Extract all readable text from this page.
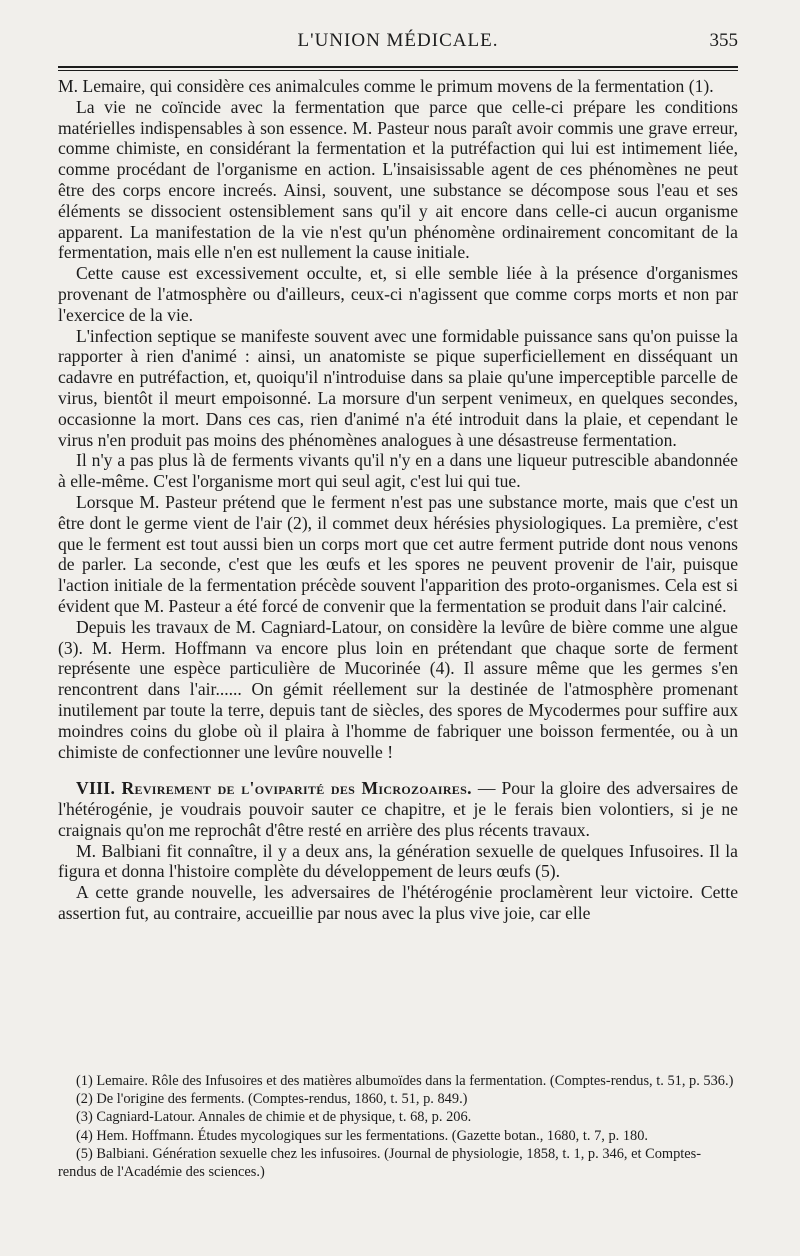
L'UNION MÉDICALE.	355

M. Lemaire, qui considère ces animalcules comme le primum movens de la fermentation (1).

La vie ne coïncide avec la fermentation que parce que celle-ci prépare les conditions matérielles indispensables à son essence. M. Pasteur nous paraît avoir commis une grave erreur, comme chimiste, en considérant la fermentation et la putréfaction qui lui est intimement liée, comme procédant de l'organisme en action. L'insaisissable agent de ces phénomènes ne peut être des corps encore increés. Ainsi, souvent, une substance se décompose sous l'eau et ses éléments se dissocient ostensiblement sans qu'il y ait encore dans celle-ci aucun organisme apparent. La manifestation de la vie n'est qu'un phénomène ordinairement concomitant de la fermentation, mais elle n'en est nullement la cause initiale.

Cette cause est excessivement occulte, et, si elle semble liée à la présence d'organismes provenant de l'atmosphère ou d'ailleurs, ceux-ci n'agissent que comme corps morts et non par l'exercice de la vie.

L'infection septique se manifeste souvent avec une formidable puissance sans qu'on puisse la rapporter à rien d'animé : ainsi, un anatomiste se pique superficiellement en disséquant un cadavre en putréfaction, et, quoiqu'il n'introduise dans sa plaie qu'une imperceptible parcelle de virus, bientôt il meurt empoisonné. La morsure d'un serpent venimeux, en quelques secondes, occasionne la mort. Dans ces cas, rien d'animé n'a été introduit dans la plaie, et cependant le virus n'en produit pas moins des phénomènes analogues à une désastreuse fermentation.

Il n'y a pas plus là de ferments vivants qu'il n'y en a dans une liqueur putrescible abandonnée à elle-même. C'est l'organisme mort qui seul agit, c'est lui qui tue.

Lorsque M. Pasteur prétend que le ferment n'est pas une substance morte, mais que c'est un être dont le germe vient de l'air (2), il commet deux hérésies physiologiques. La première, c'est que le ferment est tout aussi bien un corps mort que cet autre ferment putride dont nous venons de parler. La seconde, c'est que les œufs et les spores ne peuvent provenir de l'air, puisque l'action initiale de la fermentation précède souvent l'apparition des proto-organismes. Cela est si évident que M. Pasteur a été forcé de convenir que la fermentation se produit dans l'air calciné.

Depuis les travaux de M. Cagniard-Latour, on considère la levûre de bière comme une algue (3). M. Herm. Hoffmann va encore plus loin en prétendant que chaque sorte de ferment représente une espèce particulière de Mucorinée (4). Il assure même que les germes s'en rencontrent dans l'air...... On gémit réellement sur la destinée de l'atmosphère promenant inutilement par toute la terre, depuis tant de siècles, des spores de Mycodermes pour suffire aux moindres coins du globe où il plaira à l'homme de fabriquer une boisson fermentée, ou à un chimiste de confectionner une levûre nouvelle !

VIII. Revirement de l'oviparité des Microzoaires. — Pour la gloire des adversaires de l'hétérogénie, je voudrais pouvoir sauter ce chapitre, et je le ferais bien volontiers, si je ne craignais qu'on me reprochât d'être resté en arrière des plus récents travaux.

M. Balbiani fit connaître, il y a deux ans, la génération sexuelle de quelques Infusoires. Il la figura et donna l'histoire complète du développement de leurs œufs (5).

A cette grande nouvelle, les adversaires de l'hétérogénie proclamèrent leur victoire. Cette assertion fut, au contraire, accueillie par nous avec la plus vive joie, car elle

(1) Lemaire. Rôle des Infusoires et des matières albumoïdes dans la fermentation. (Comptes-rendus, t. 51, p. 536.)

(2) De l'origine des ferments. (Comptes-rendus, 1860, t. 51, p. 849.)

(3) Cagniard-Latour. Annales de chimie et de physique, t. 68, p. 206.

(4) Hem. Hoffmann. Études mycologiques sur les fermentations. (Gazette botan., 1680, t. 7, p. 180.

(5) Balbiani. Génération sexuelle chez les infusoires. (Journal de physiologie, 1858, t. 1, p. 346, et Comptes-rendus de l'Académie des sciences.)
